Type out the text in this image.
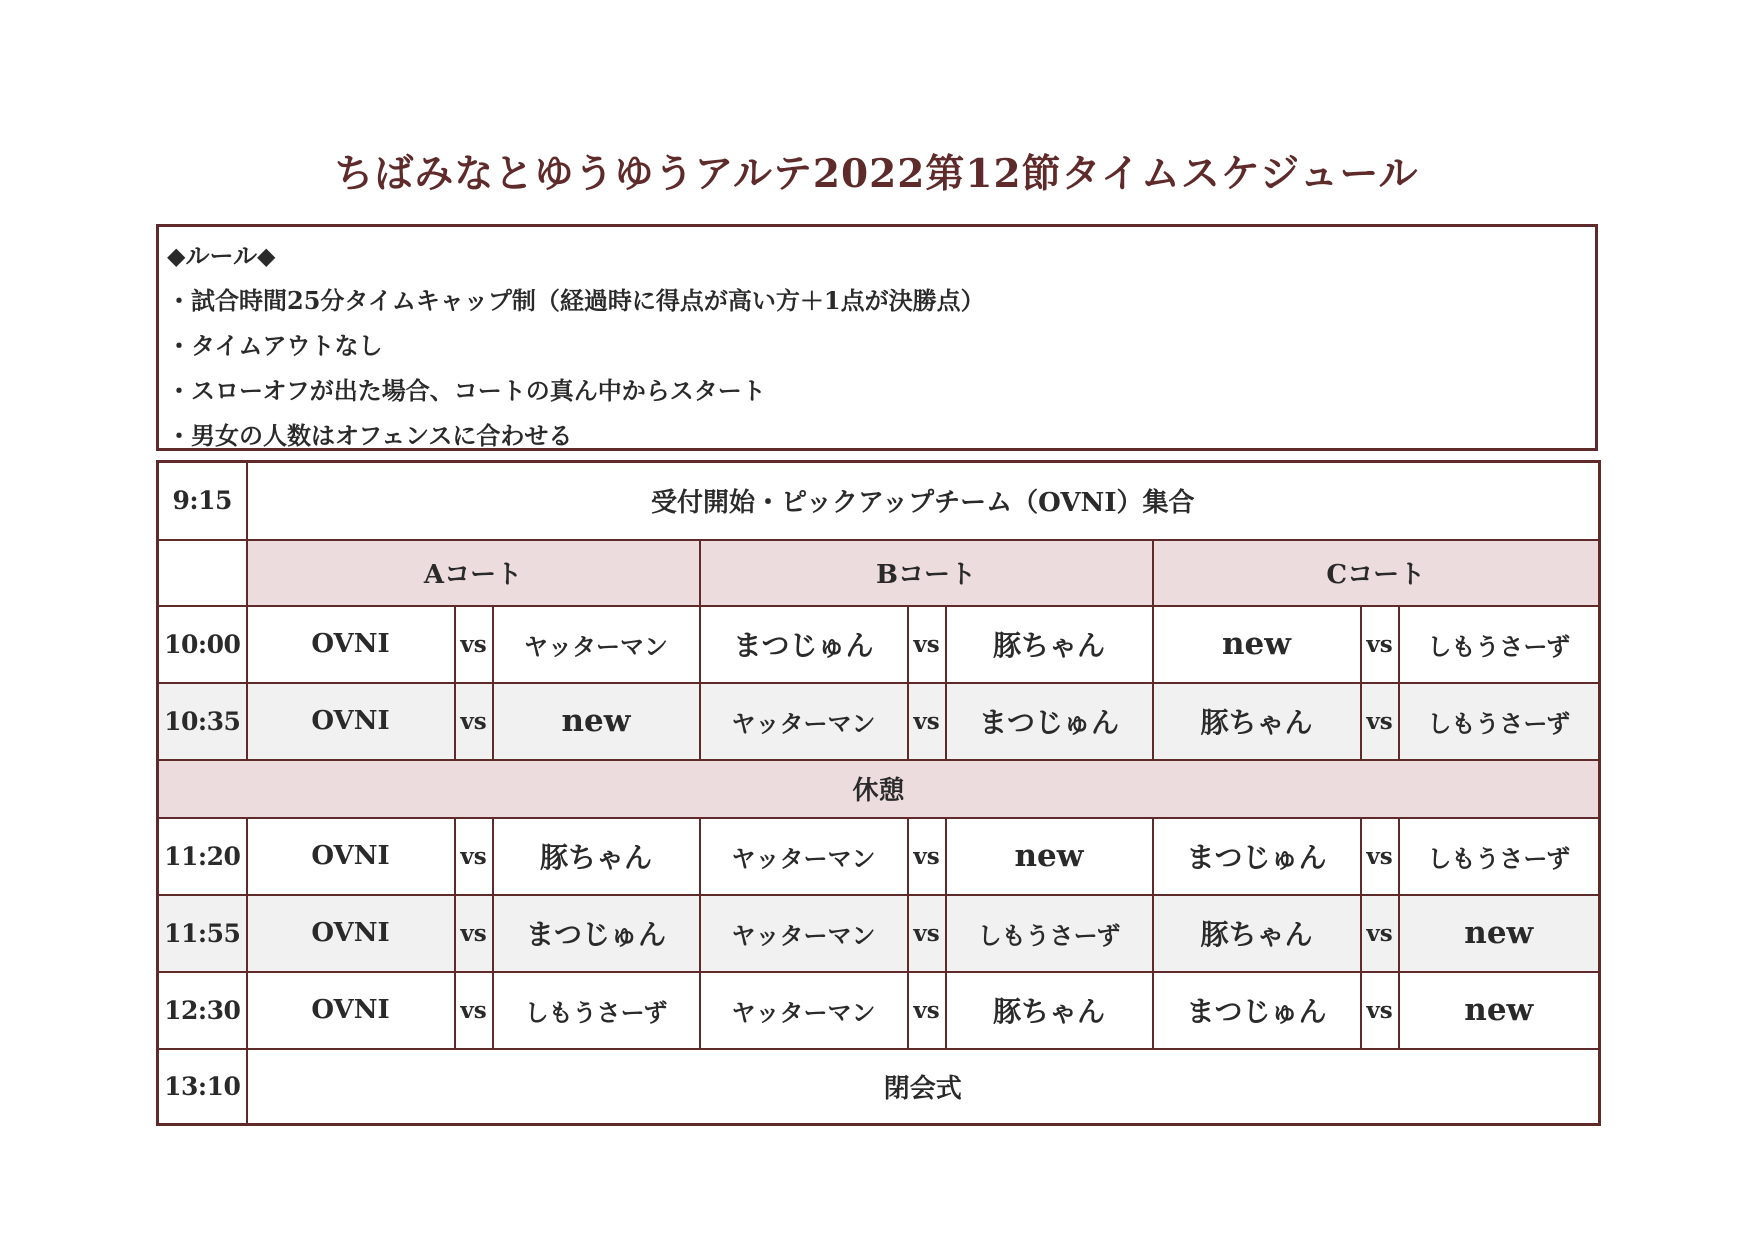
ちばみなとゆうゆうアルテ2022第12節タイムスケジュール
◆ルール◆
・試合時間25分タイムキャップ制（経過時に得点が高い方＋1点が決勝点）
・タイムアウトなし
・スローオフが出た場合、コートの真ん中からスタート
・男女の人数はオフェンスに合わせる
9:15	受付開始・ピックアップチーム（OVNI）集合								
	Aコート			Bコート			Cコート		
10:00	OVNI	vs	ヤッターマン	まつじゅん	vs	豚ちゃん	new	vs	しもうさーず
10:35	OVNI	vs	new	ヤッターマン	vs	まつじゅん	豚ちゃん	vs	しもうさーず
休憩									
11:20	OVNI	vs	豚ちゃん	ヤッターマン	vs	new	まつじゅん	vs	しもうさーず
11:55	OVNI	vs	まつじゅん	ヤッターマン	vs	しもうさーず	豚ちゃん	vs	new
12:30	OVNI	vs	しもうさーず	ヤッターマン	vs	豚ちゃん	まつじゅん	vs	new
13:10	閉会式								
